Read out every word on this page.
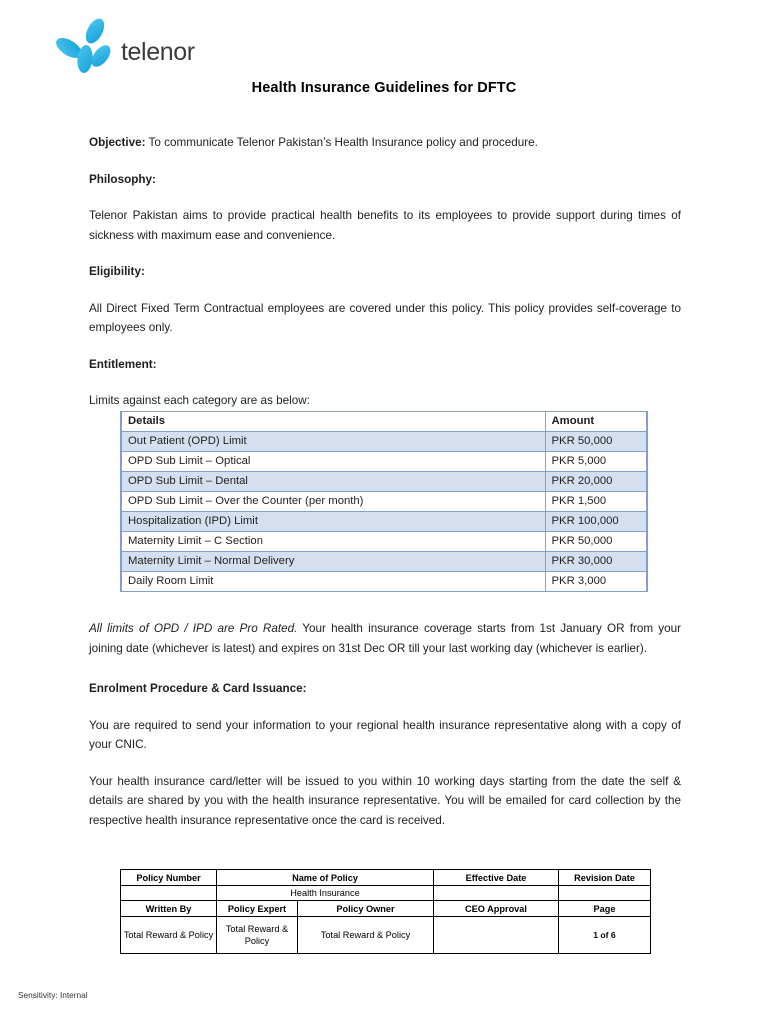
telenor
Health Insurance Guidelines for DFTC

Objective: To communicate Telenor Pakistan’s Health Insurance policy and procedure.

Philosophy:

Telenor Pakistan aims to provide practical health benefits to its employees to provide support during times of sickness with maximum ease and convenience.

Eligibility:

All Direct Fixed Term Contractual employees are covered under this policy. This policy provides self-coverage to employees only.

Entitlement:

Limits against each category are as below:

Details	Amount
Out Patient (OPD) Limit	PKR 50,000
OPD Sub Limit – Optical	PKR 5,000
OPD Sub Limit – Dental	PKR 20,000
OPD Sub Limit – Over the Counter (per month)	PKR 1,500
Hospitalization (IPD) Limit	PKR 100,000
Maternity Limit – C Section	PKR 50,000
Maternity Limit – Normal Delivery	PKR 30,000
Daily Room Limit	PKR 3,000

All limits of OPD / IPD are Pro Rated. Your health insurance coverage starts from 1st January OR from your joining date (whichever is latest) and expires on 31st Dec OR till your last working day (whichever is earlier).

Enrolment Procedure & Card Issuance:

You are required to send your information to your regional health insurance representative along with a copy of your CNIC.

Your health insurance card/letter will be issued to you within 10 working days starting from the date the self & details are shared by you with the health insurance representative. You will be emailed for card collection by the respective health insurance representative once the card is received.

Policy Number	Name of Policy		Effective Date	Revision Date
	Health Insurance			
Written By	Policy Expert	Policy Owner	CEO Approval	Page
Total Reward & Policy	Total Reward & Policy	Total Reward & Policy		1 of 6
Sensitivity: Internal
